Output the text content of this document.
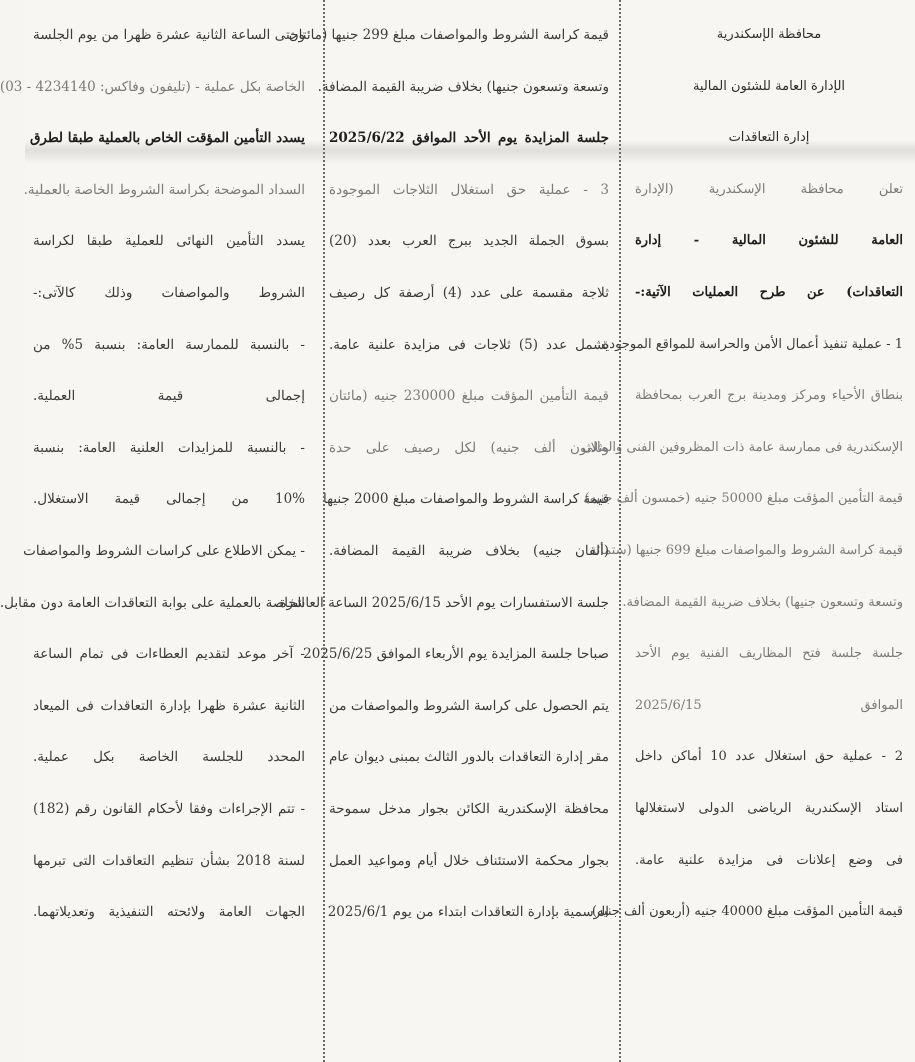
محافظة الإسكندرية
الإدارة العامة للشئون المالية
إدارة التعاقدات
تعلن محافظة الإسكندرية (الإدارة
العامة للشئون المالية - إدارة
التعاقدات) عن طرح العمليات الآتية:-
1 - عملية تنفيذ أعمال الأمن والحراسة للمواقع الموجودة
بنطاق الأحياء ومركز ومدينة برج العرب بمحافظة
الإسكندرية فى ممارسة عامة ذات المظروفين الفنى والمالى
قيمة التأمين المؤقت مبلغ 50000 جنيه (خمسون ألف جنيه)
قيمة كراسة الشروط والمواصفات مبلغ 699 جنيها (ستمائة
وتسعة وتسعون جنيها) بخلاف ضريبة القيمة المضافة.
جلسة جلسة فتح المظاريف الفنية يوم الأحد
الموافق 2025/6/15
2 - عملية حق استغلال عدد 10 أماكن داخل
استاد الإسكندرية الرياضى الدولى لاستغلالها
فى وضع إعلانات فى مزايدة علنية عامة.
قيمة التأمين المؤقت مبلغ 40000 جنيه (أربعون ألف جنيه)
قيمة كراسة الشروط والمواصفات مبلغ 299 جنيها (مائتان
وتسعة وتسعون جنيها) بخلاف ضريبة القيمة المضافة.
جلسة المزايدة يوم الأحد الموافق 2025/6/22
3 - عملية حق استغلال الثلاجات الموجودة
بسوق الجملة الجديد ببرج العرب بعدد (20)
ثلاجة مقسمة على عدد (4) أرصفة كل رصيف
يشمل عدد (5) ثلاجات فى مزايدة علنية عامة.
قيمة التأمين المؤقت مبلغ 230000 جنيه (مائتان
وثلاثون ألف جنيه) لكل رصيف على حدة
قيمة كراسة الشروط والمواصفات مبلغ 2000 جنيها
(ألفان جنيه) بخلاف ضريبة القيمة المضافة.
جلسة الاستفسارات يوم الأحد 2025/6/15 الساعة العاشرة
صباحا جلسة المزايدة يوم الأربعاء الموافق 2025/6/25
يتم الحصول على كراسة الشروط والمواصفات من
مقر إدارة التعاقدات بالدور الثالث بمبنى ديوان عام
محافظة الإسكندرية الكائن بجوار مدخل سموحة
بجوار محكمة الاستئناف خلال أيام ومواعيد العمل
الرسمية بإدارة التعاقدات ابتداء من يوم 2025/6/1
وحتى الساعة الثانية عشرة ظهرا من يوم الجلسة
الخاصة بكل عملية - (تليفون وفاكس: 4234140 - 03)
يسدد التأمين المؤقت الخاص بالعملية طبقا لطرق
السداد الموضحة بكراسة الشروط الخاصة بالعملية.
يسدد التأمين النهائى للعملية طبقا لكراسة
الشروط والمواصفات وذلك كالآتى:-
- بالنسبة للممارسة العامة: بنسبة 5% من
إجمالى قيمة العملية.
- بالنسبة للمزايدات العلنية العامة: بنسبة
10% من إجمالى قيمة الاستغلال.
- يمكن الاطلاع على كراسات الشروط والمواصفات
الخاصة بالعملية على بوابة التعاقدات العامة دون مقابل.
- آخر موعد لتقديم العطاءات فى تمام الساعة
الثانية عشرة ظهرا بإدارة التعاقدات فى الميعاد
المحدد للجلسة الخاصة بكل عملية.
- تتم الإجراءات وفقا لأحكام القانون رقم (182)
لسنة 2018 بشأن تنظيم التعاقدات التى تبرمها
الجهات العامة ولائحته التنفيذية وتعديلاتهما.
